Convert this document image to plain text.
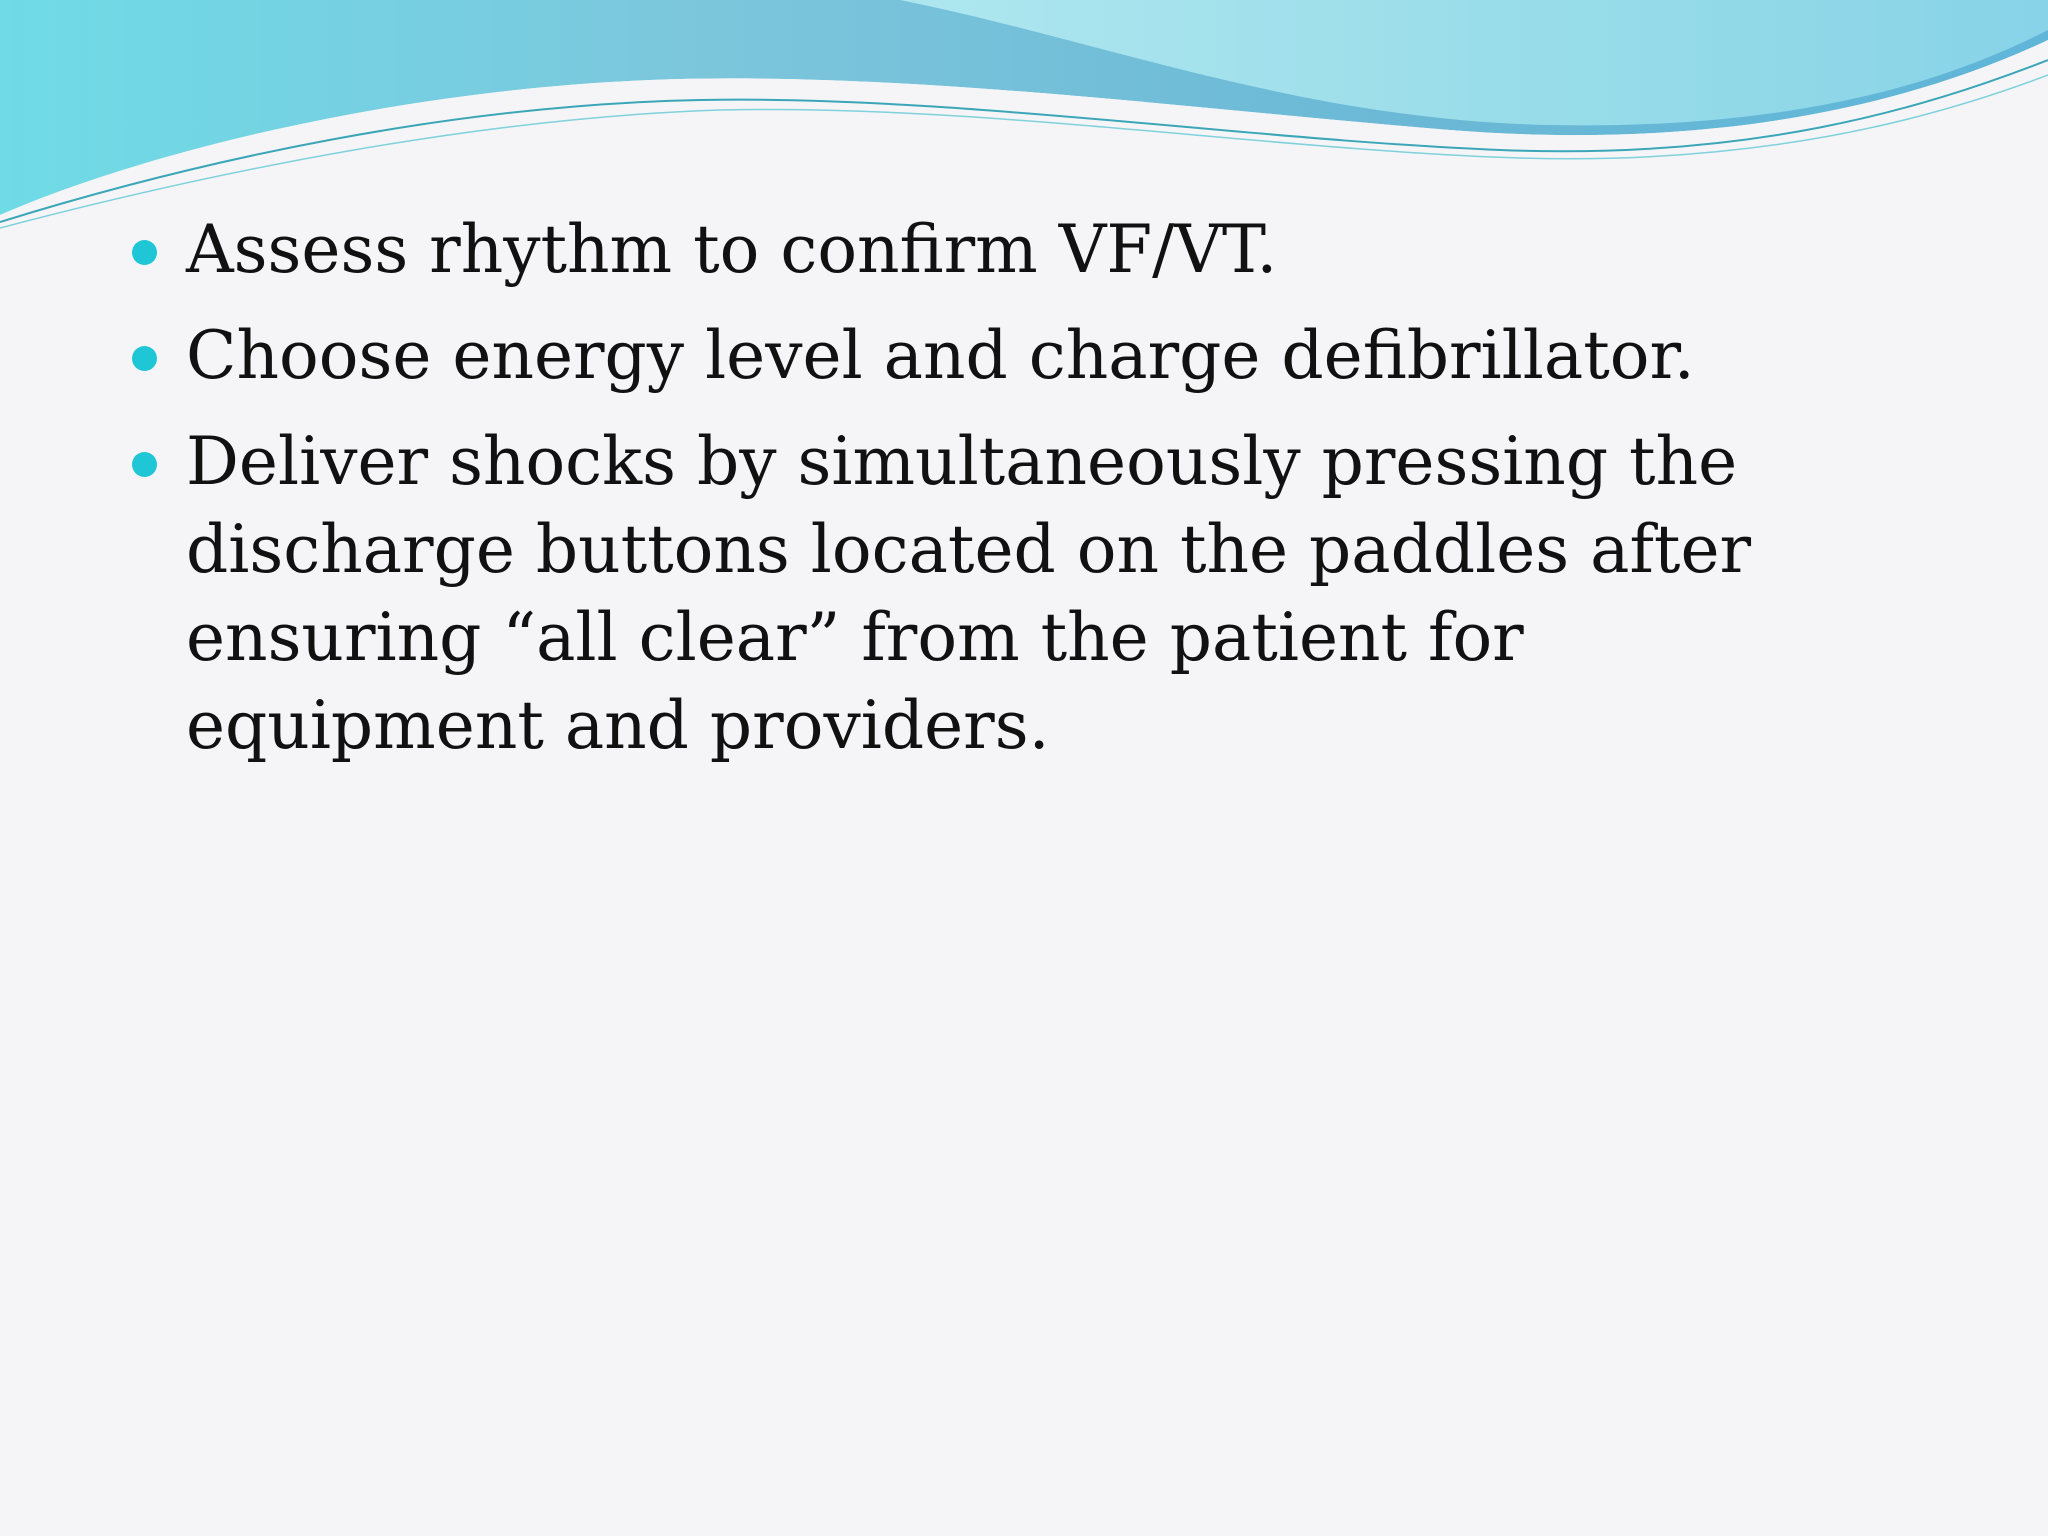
Assess rhythm to confirm VF/VT.
Choose energy level and charge defibrillator.
Deliver shocks by simultaneously pressing the discharge buttons located on the paddles after ensuring “all clear” from the patient for equipment and providers.
